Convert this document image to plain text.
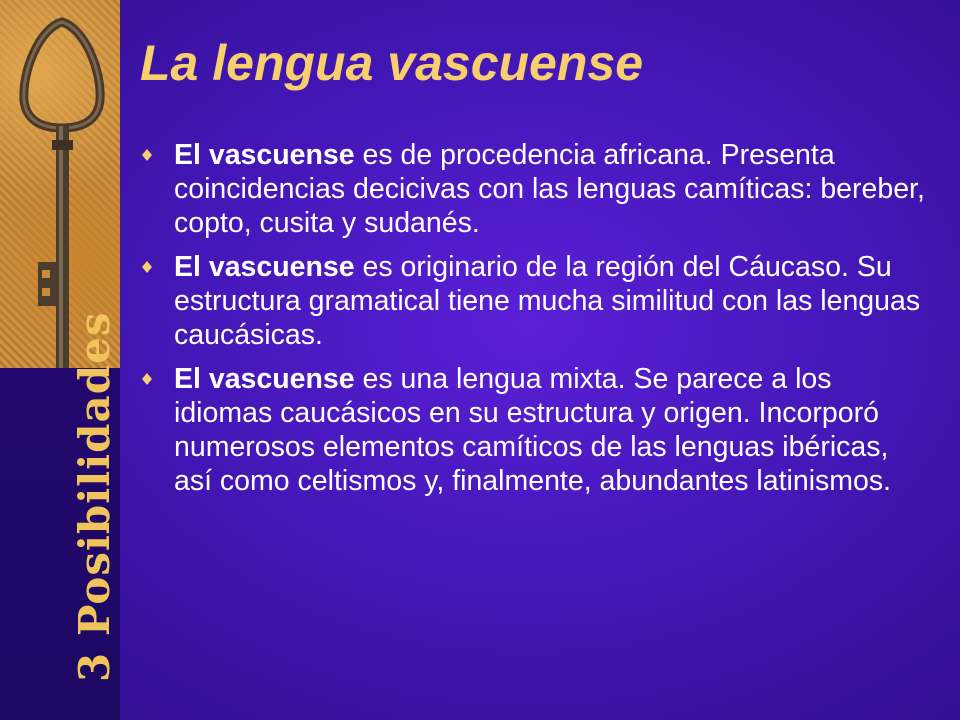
3 Posibilidades
La lengua vascuense
El vascuense es de procedencia africana. Presenta coincidencias decicivas con las lenguas camíticas: bereber, copto, cusita y sudanés.
El vascuense es originario de la región del Cáucaso. Su estructura gramatical tiene mucha similitud con las lenguas caucásicas.
El vascuense es una lengua mixta. Se parece a los idiomas caucásicos en su estructura y origen. Incorporó numerosos elementos camíticos de las lenguas ibéricas, así como celtismos y, finalmente, abundantes latinismos.
